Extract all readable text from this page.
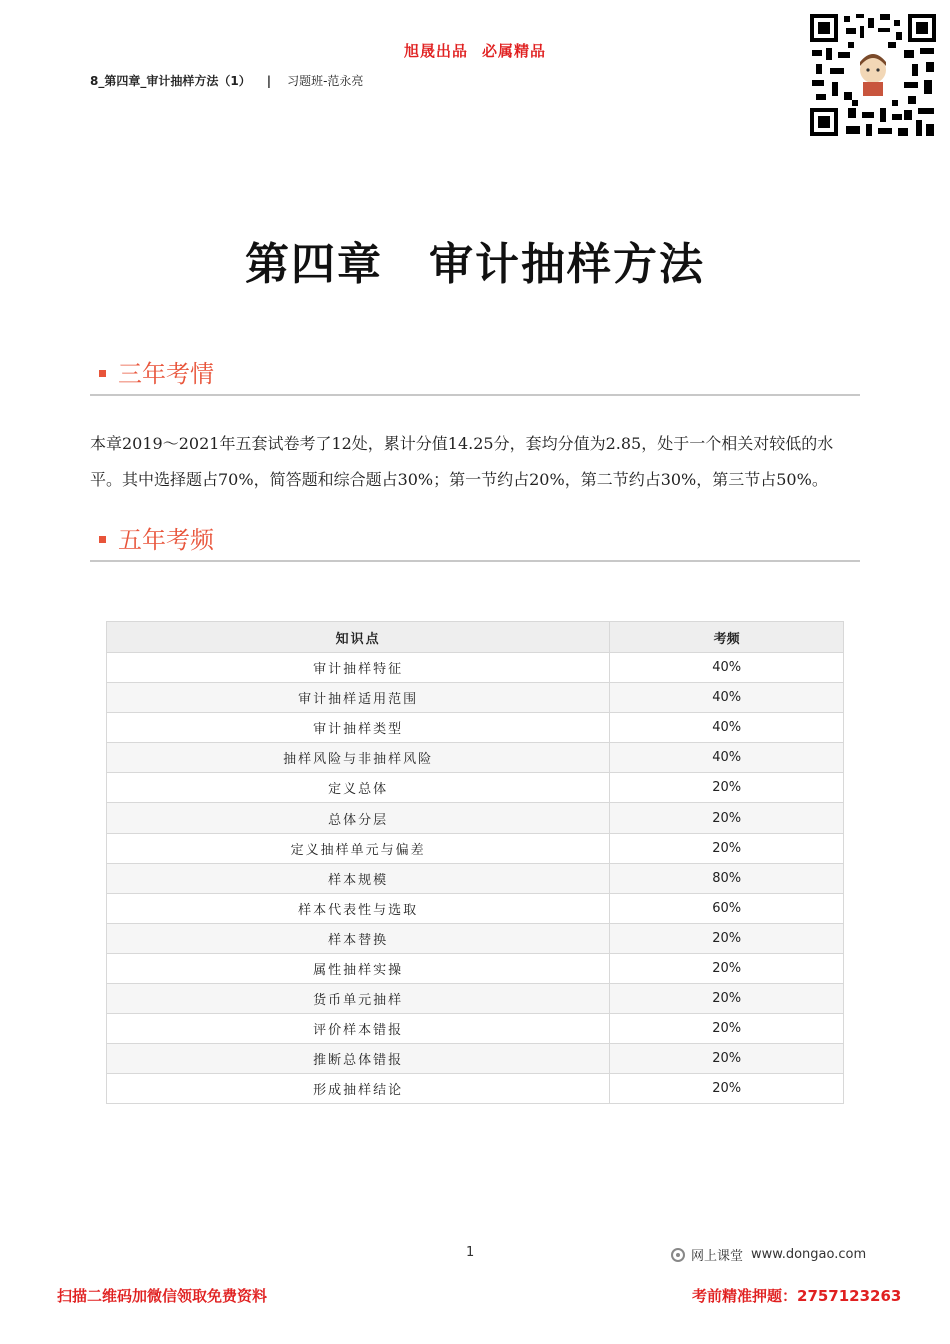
旭晟出品 必属精品
8_第四章_审计抽样方法（1） | 习题班-范永亮
第四章 审计抽样方法
三年考情
本章2019～2021年五套试卷考了12处，累计分值14.25分，套均分值为2.85，处于一个相关对较低的水平。其中选择题占70%，简答题和综合题占30%；第一节约占20%，第二节约占30%，第三节占50%。
五年考频
知识点	考频
审计抽样特征	40%
审计抽样适用范围	40%
审计抽样类型	40%
抽样风险与非抽样风险	40%
定义总体	20%
总体分层	20%
定义抽样单元与偏差	20%
样本规模	80%
样本代表性与选取	60%
样本替换	20%
属性抽样实操	20%
货币单元抽样	20%
评价样本错报	20%
推断总体错报	20%
形成抽样结论	20%
1	网上课堂 www.dongao.com
扫描二维码加微信领取免费资料	考前精准押题：2757123263
